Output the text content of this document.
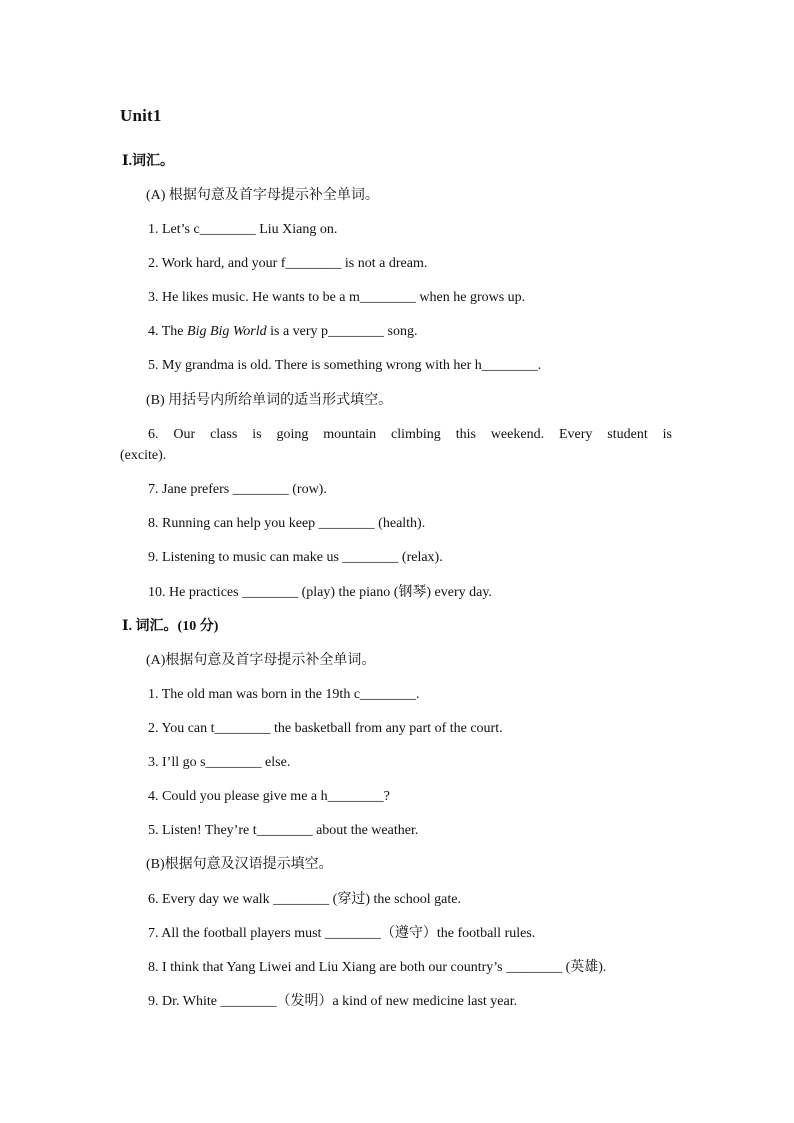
Unit1
Ⅰ.词汇。
(A) 根据句意及首字母提示补全单词。
1. Let’s c________ Liu Xiang on.
2. Work hard, and your f________ is not a dream.
3. He likes music. He wants to be a m________ when he grows up.
4. The Big Big World is a very p________ song.
5. My grandma is old. There is something wrong with her h________.
(B) 用括号内所给单词的适当形式填空。
6. Our class is going mountain climbing this weekend. Every student is
(excite).
7. Jane prefers ________ (row).
8. Running can help you keep ________ (health).
9. Listening to music can make us ________ (relax).
10. He practices ________ (play) the piano (钢琴) every day.
Ⅰ. 词汇。(10 分)
(A)根据句意及首字母提示补全单词。
1. The old man was born in the 19th c________.
2. You can t________ the basketball from any part of the court.
3. I’ll go s________ else.
4. Could you please give me a h________?
5. Listen! They’re t________ about the weather.
(B)根据句意及汉语提示填空。
6. Every day we walk ________ (穿过) the school gate.
7. All the football players must ________（遵守）the football rules.
8. I think that Yang Liwei and Liu Xiang are both our country’s ________ (英雄).
9. Dr. White ________（发明）a kind of new medicine last year.
